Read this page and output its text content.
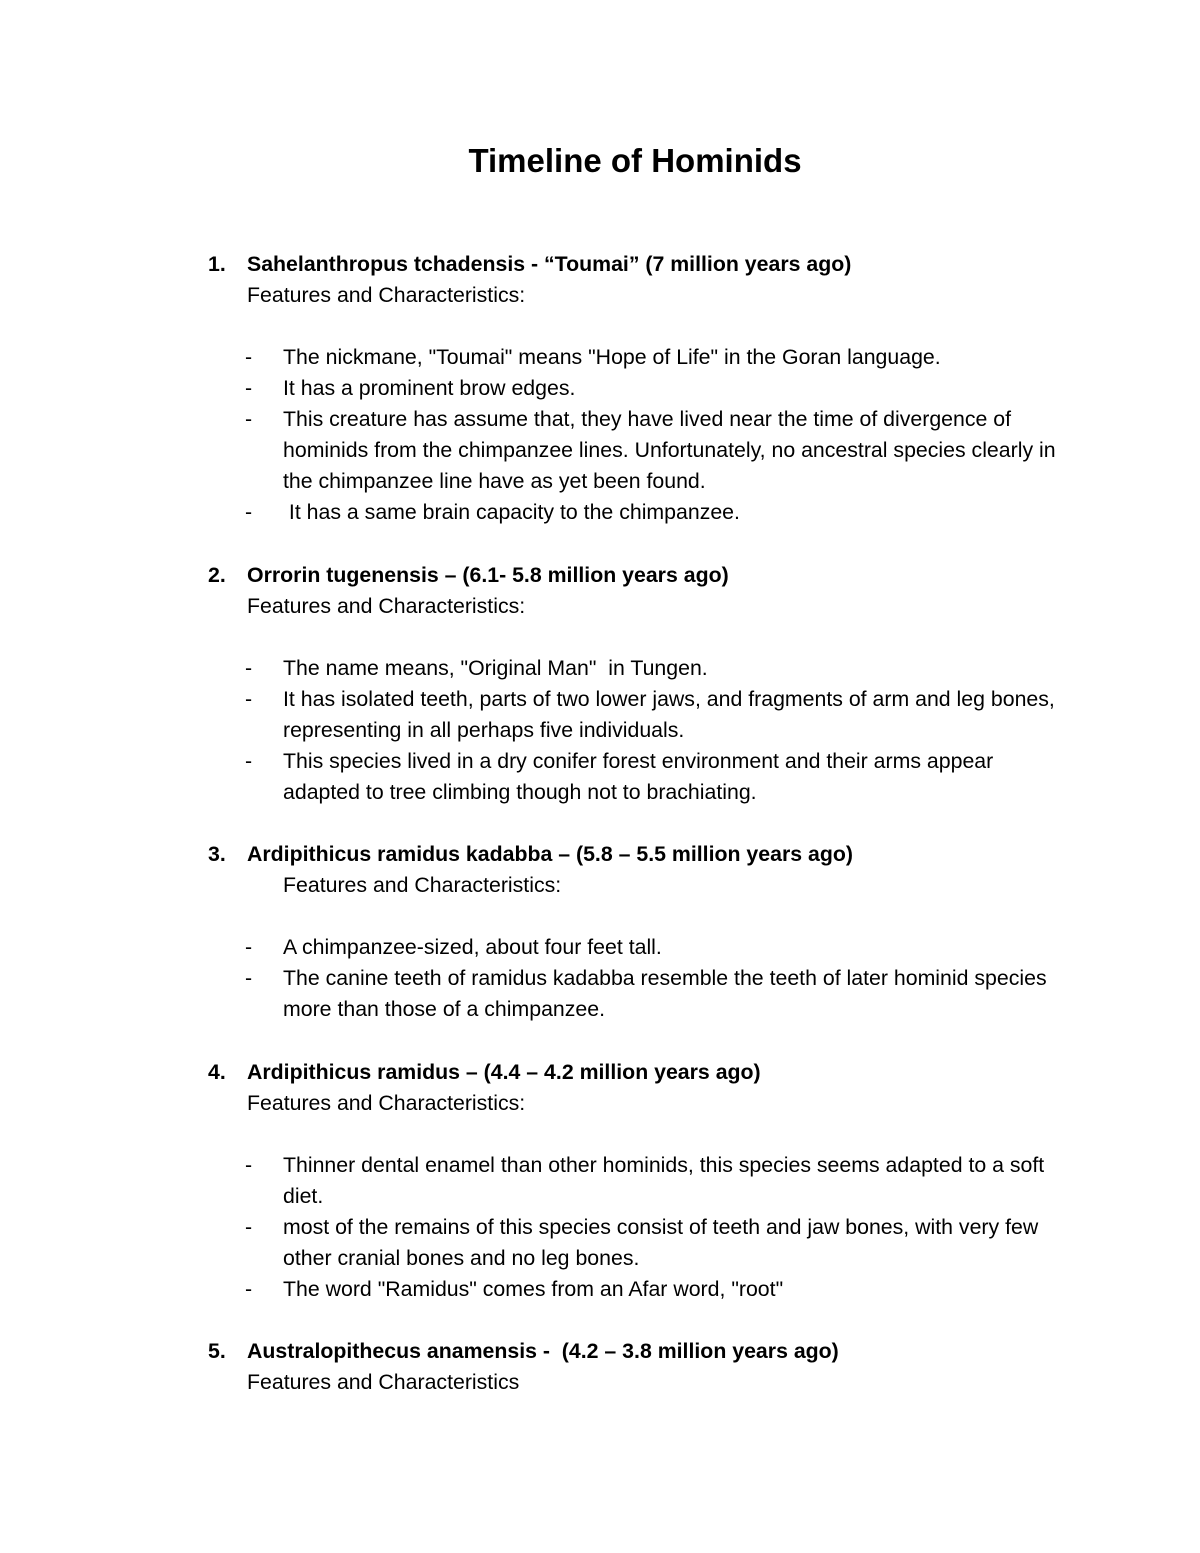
Timeline of Hominids
1. Sahelanthropus tchadensis - “Toumai” (7 million years ago)
Features and Characteristics:
- The nickmane, "Toumai" means "Hope of Life" in the Goran language.
- It has a prominent brow edges.
- This creature has assume that, they have lived near the time of divergence of hominids from the chimpanzee lines. Unfortunately, no ancestral species clearly in the chimpanzee line have as yet been found.
- It has a same brain capacity to the chimpanzee.
2. Orrorin tugenensis – (6.1- 5.8 million years ago)
Features and Characteristics:
- The name means, "Original Man"  in Tungen.
- It has isolated teeth, parts of two lower jaws, and fragments of arm and leg bones, representing in all perhaps five individuals.
- This species lived in a dry conifer forest environment and their arms appear adapted to tree climbing though not to brachiating.
3. Ardipithicus ramidus kadabba – (5.8 – 5.5 million years ago)
Features and Characteristics:
- A chimpanzee-sized, about four feet tall.
- The canine teeth of ramidus kadabba resemble the teeth of later hominid species more than those of a chimpanzee.
4. Ardipithicus ramidus – (4.4 – 4.2 million years ago)
Features and Characteristics:
- Thinner dental enamel than other hominids, this species seems adapted to a soft diet.
- most of the remains of this species consist of teeth and jaw bones, with very few other cranial bones and no leg bones.
- The word "Ramidus" comes from an Afar word, "root"
5. Australopithecus anamensis -  (4.2 – 3.8 million years ago)
Features and Characteristics
